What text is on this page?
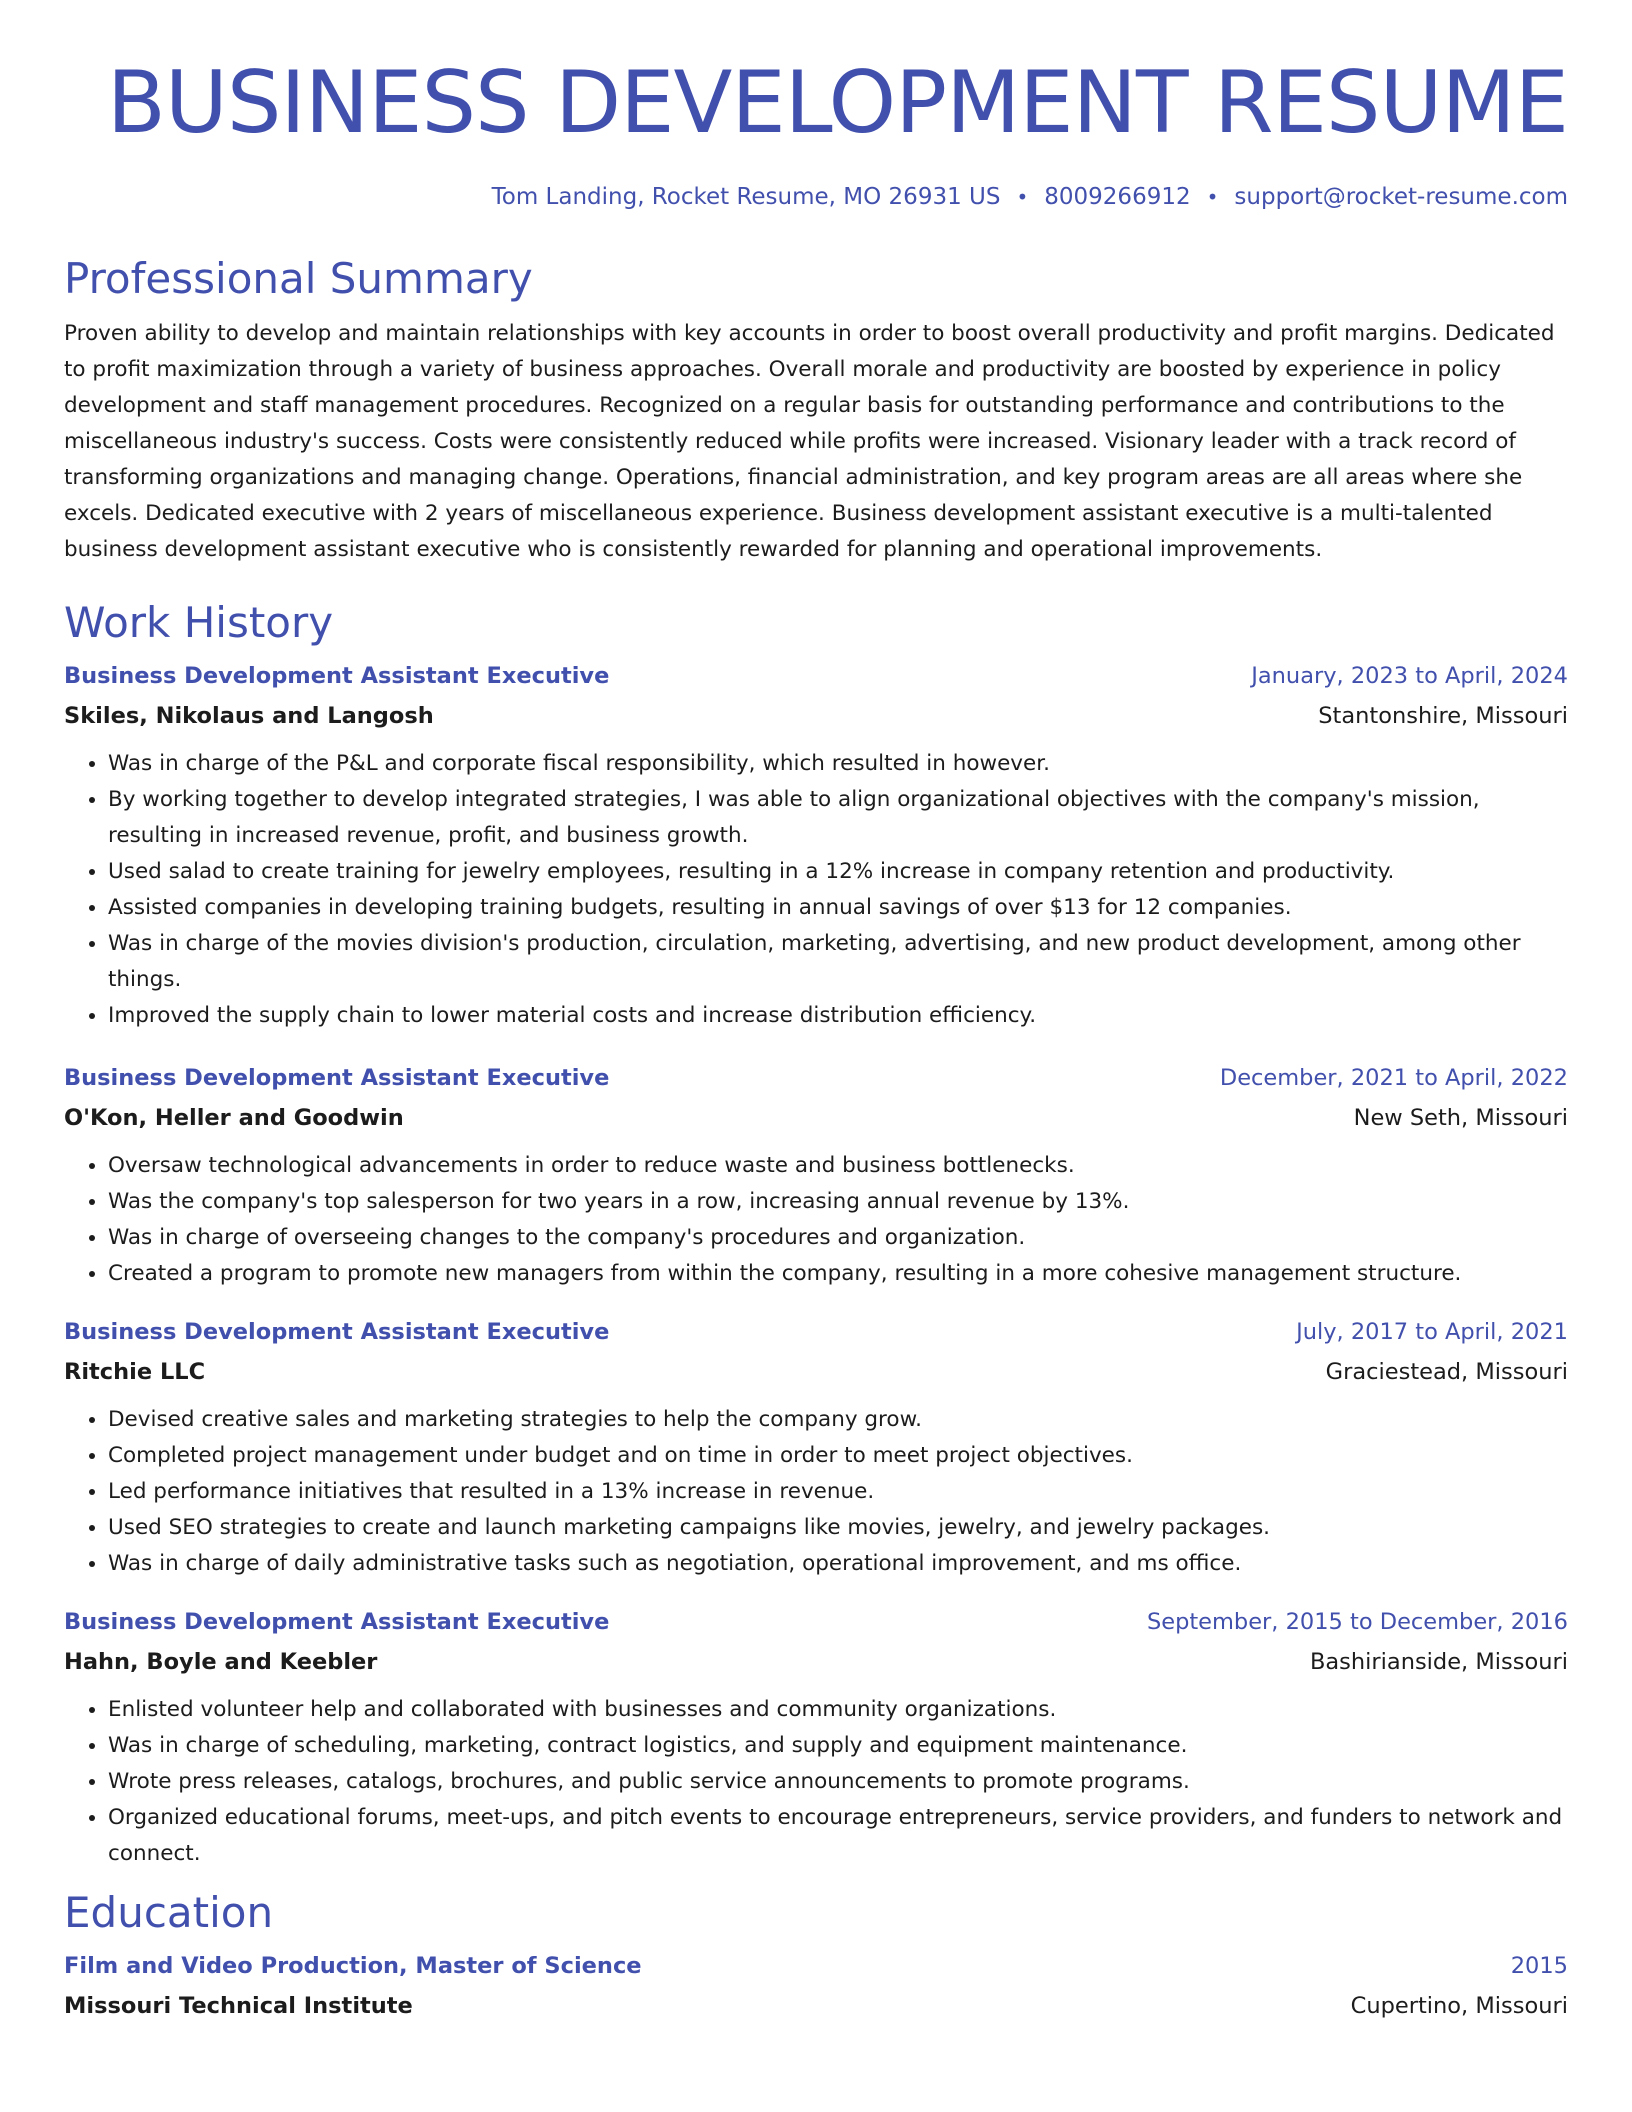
BUSINESS DEVELOPMENT RESUME
Tom Landing, Rocket Resume, MO 26931 US • 8009266912 • support@rocket-resume.com
Professional Summary
Proven ability to develop and maintain relationships with key accounts in order to boost overall productivity and profit margins. Dedicated to profit maximization through a variety of business approaches. Overall morale and productivity are boosted by experience in policy development and staff management procedures. Recognized on a regular basis for outstanding performance and contributions to the miscellaneous industry's success. Costs were consistently reduced while profits were increased. Visionary leader with a track record of transforming organizations and managing change. Operations, financial administration, and key program areas are all areas where she excels. Dedicated executive with 2 years of miscellaneous experience. Business development assistant executive is a multi-talented business development assistant executive who is consistently rewarded for planning and operational improvements.
Work History
Business Development Assistant Executive	January, 2023 to April, 2024
Skiles, Nikolaus and Langosh	Stantonshire, Missouri
• Was in charge of the P&L and corporate fiscal responsibility, which resulted in however.
• By working together to develop integrated strategies, I was able to align organizational objectives with the company's mission, resulting in increased revenue, profit, and business growth.
• Used salad to create training for jewelry employees, resulting in a 12% increase in company retention and productivity.
• Assisted companies in developing training budgets, resulting in annual savings of over $13 for 12 companies.
• Was in charge of the movies division's production, circulation, marketing, advertising, and new product development, among other things.
• Improved the supply chain to lower material costs and increase distribution efficiency.
Business Development Assistant Executive	December, 2021 to April, 2022
O'Kon, Heller and Goodwin	New Seth, Missouri
• Oversaw technological advancements in order to reduce waste and business bottlenecks.
• Was the company's top salesperson for two years in a row, increasing annual revenue by 13%.
• Was in charge of overseeing changes to the company's procedures and organization.
• Created a program to promote new managers from within the company, resulting in a more cohesive management structure.
Business Development Assistant Executive	July, 2017 to April, 2021
Ritchie LLC	Graciestead, Missouri
• Devised creative sales and marketing strategies to help the company grow.
• Completed project management under budget and on time in order to meet project objectives.
• Led performance initiatives that resulted in a 13% increase in revenue.
• Used SEO strategies to create and launch marketing campaigns like movies, jewelry, and jewelry packages.
• Was in charge of daily administrative tasks such as negotiation, operational improvement, and ms office.
Business Development Assistant Executive	September, 2015 to December, 2016
Hahn, Boyle and Keebler	Bashirianside, Missouri
• Enlisted volunteer help and collaborated with businesses and community organizations.
• Was in charge of scheduling, marketing, contract logistics, and supply and equipment maintenance.
• Wrote press releases, catalogs, brochures, and public service announcements to promote programs.
• Organized educational forums, meet-ups, and pitch events to encourage entrepreneurs, service providers, and funders to network and connect.
Education
Film and Video Production, Master of Science	2015
Missouri Technical Institute	Cupertino, Missouri
